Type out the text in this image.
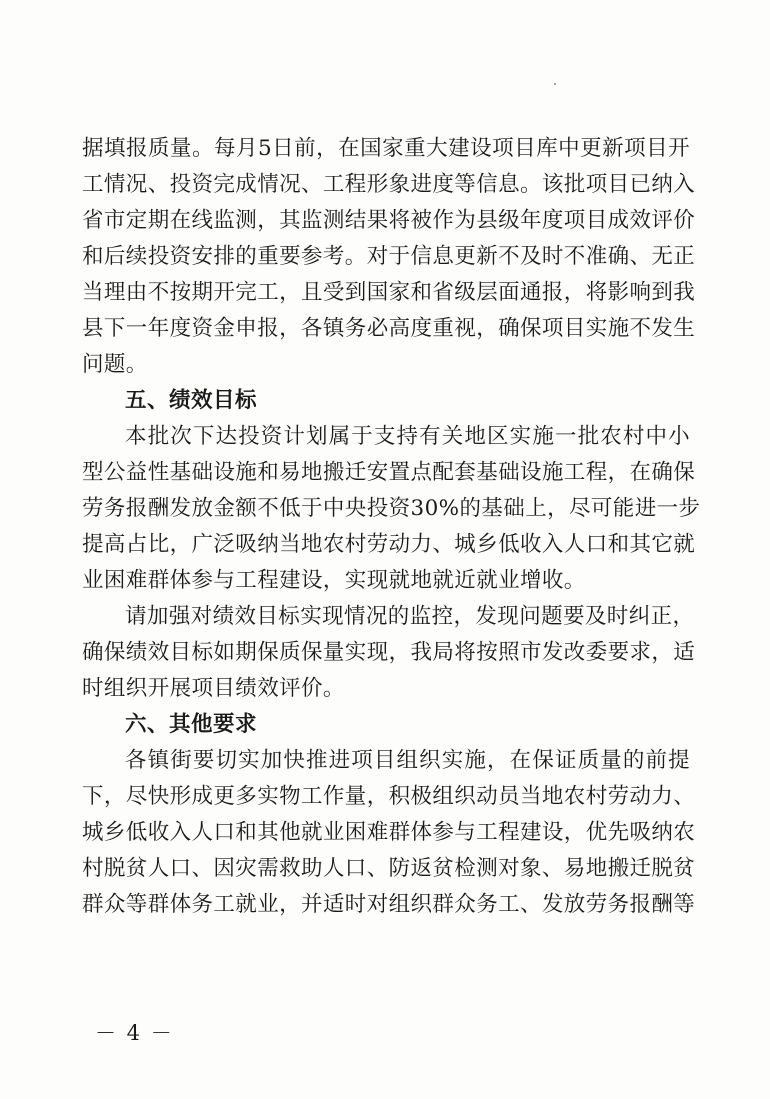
据填报质量。每月5日前，在国家重大建设项目库中更新项目开
工情况、投资完成情况、工程形象进度等信息。该批项目已纳入
省市定期在线监测，其监测结果将被作为县级年度项目成效评价
和后续投资安排的重要参考。对于信息更新不及时不准确、无正
当理由不按期开完工，且受到国家和省级层面通报，将影响到我
县下一年度资金申报，各镇务必高度重视，确保项目实施不发生
问题。
五、绩效目标
本批次下达投资计划属于支持有关地区实施一批农村中小
型公益性基础设施和易地搬迁安置点配套基础设施工程，在确保
劳务报酬发放金额不低于中央投资30%的基础上，尽可能进一步
提高占比，广泛吸纳当地农村劳动力、城乡低收入人口和其它就
业困难群体参与工程建设，实现就地就近就业增收。
请加强对绩效目标实现情况的监控，发现问题要及时纠正，
确保绩效目标如期保质保量实现，我局将按照市发改委要求，适
时组织开展项目绩效评价。
六、其他要求
各镇街要切实加快推进项目组织实施，在保证质量的前提
下，尽快形成更多实物工作量，积极组织动员当地农村劳动力、
城乡低收入人口和其他就业困难群体参与工程建设，优先吸纳农
村脱贫人口、因灾需救助人口、防返贫检测对象、易地搬迁脱贫
群众等群体务工就业，并适时对组织群众务工、发放劳务报酬等
－ 4 －
